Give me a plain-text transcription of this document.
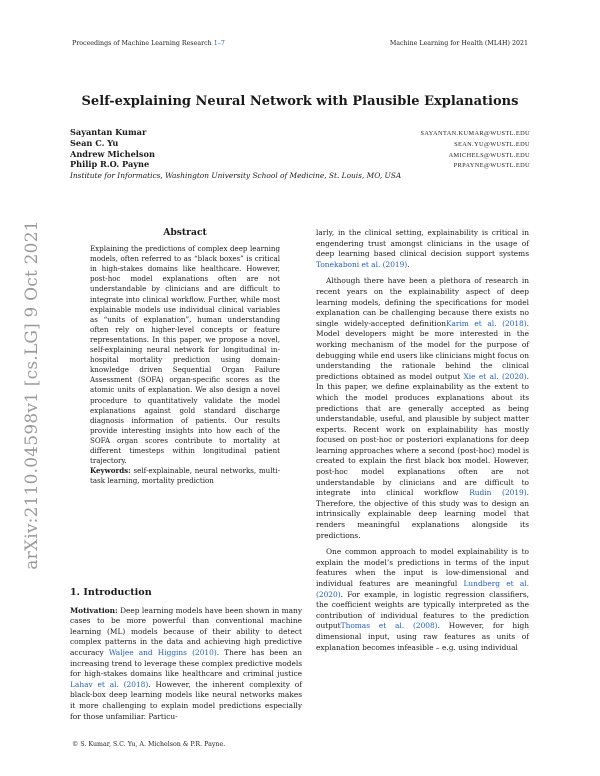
Proceedings of Machine Learning Research 1–7	Machine Learning for Health (ML4H) 2021
arXiv:2110.04598v1 [cs.LG] 9 Oct 2021
Self-explaining Neural Network with Plausible Explanations
Sayantan Kumar	SAYANTAN.KUMAR@WUSTL.EDU
Sean C. Yu	SEAN.YU@WUSTL.EDU
Andrew Michelson	AMICHELS@WUSTL.EDU
Philip R.O. Payne	PRPAYNE@WUSTL.EDU
Institute for Informatics, Washington University School of Medicine, St. Louis, MO, USA
Abstract
Explaining the predictions of complex deep learning models, often referred to as “black boxes” is critical in high-stakes domains like healthcare. However, post-hoc model explanations often are not understandable by clinicians and are difficult to integrate into clinical workflow. Further, while most explainable models use individual clinical variables as “units of explanation”, human understanding often rely on higher-level concepts or feature representations. In this paper, we propose a novel, self-explaining neural network for longitudinal in-hospital mortality prediction using domain-knowledge driven Sequential Organ Failure Assessment (SOFA) organ-specific scores as the atomic units of explanation. We also design a novel procedure to quantitatively validate the model explanations against gold standard discharge diagnosis information of patients. Our results provide interesting insights into how each of the SOFA organ scores contribute to mortality at different timesteps within longitudinal patient trajectory.
Keywords: self-explainable, neural networks, multi-task learning, mortality prediction
1. Introduction

Motivation: Deep learning models have been shown in many cases to be more powerful than conventional machine learning (ML) models because of their ability to detect complex patterns in the data and achieving high predictive accuracy Waljee and Higgins (2010). There has been an increasing trend to leverage these complex predictive models for high-stakes domains like healthcare and criminal justice Lahav et al. (2018). However, the inherent complexity of black-box deep learning models like neural networks makes it more challenging to explain model predictions especially for those unfamiliar. Particu-

larly, in the clinical setting, explainability is critical in engendering trust amongst clinicians in the usage of deep learning based clinical decision support systems Tonekaboni et al. (2019).

Although there have been a plethora of research in recent years on the explainability aspect of deep learning models, defining the specifications for model explanation can be challenging because there exists no single widely-accepted definitionKarim et al. (2018). Model developers might be more interested in the working mechanism of the model for the purpose of debugging while end users like clinicians might focus on understanding the rationale behind the clinical predictions obtained as model output Xie et al. (2020). In this paper, we define explainability as the extent to which the model produces explanations about its predictions that are generally accepted as being understandable, useful, and plausible by subject matter experts. Recent work on explainability has mostly focused on post-hoc or posteriori explanations for deep learning approaches where a second (post-hoc) model is created to explain the first black box model. However, post-hoc model explanations often are not understandable by clinicians and are difficult to integrate into clinical workflow Rudin (2019). Therefore, the objective of this study was to design an intrinsically explainable deep learning model that renders meaningful explanations alongside its predictions.

One common approach to model explainability is to explain the model’s predictions in terms of the input features when the input is low-dimensional and individual features are meaningful Lundberg et al. (2020). For example, in logistic regression classifiers, the coefficient weights are typically interpreted as the contribution of individual features to the prediction outputThomas et al. (2008). However, for high dimensional input, using raw features as units of explanation becomes infeasible – e.g. using individual

© S. Kumar, S.C. Yu, A. Michelson & P.R. Payne.
